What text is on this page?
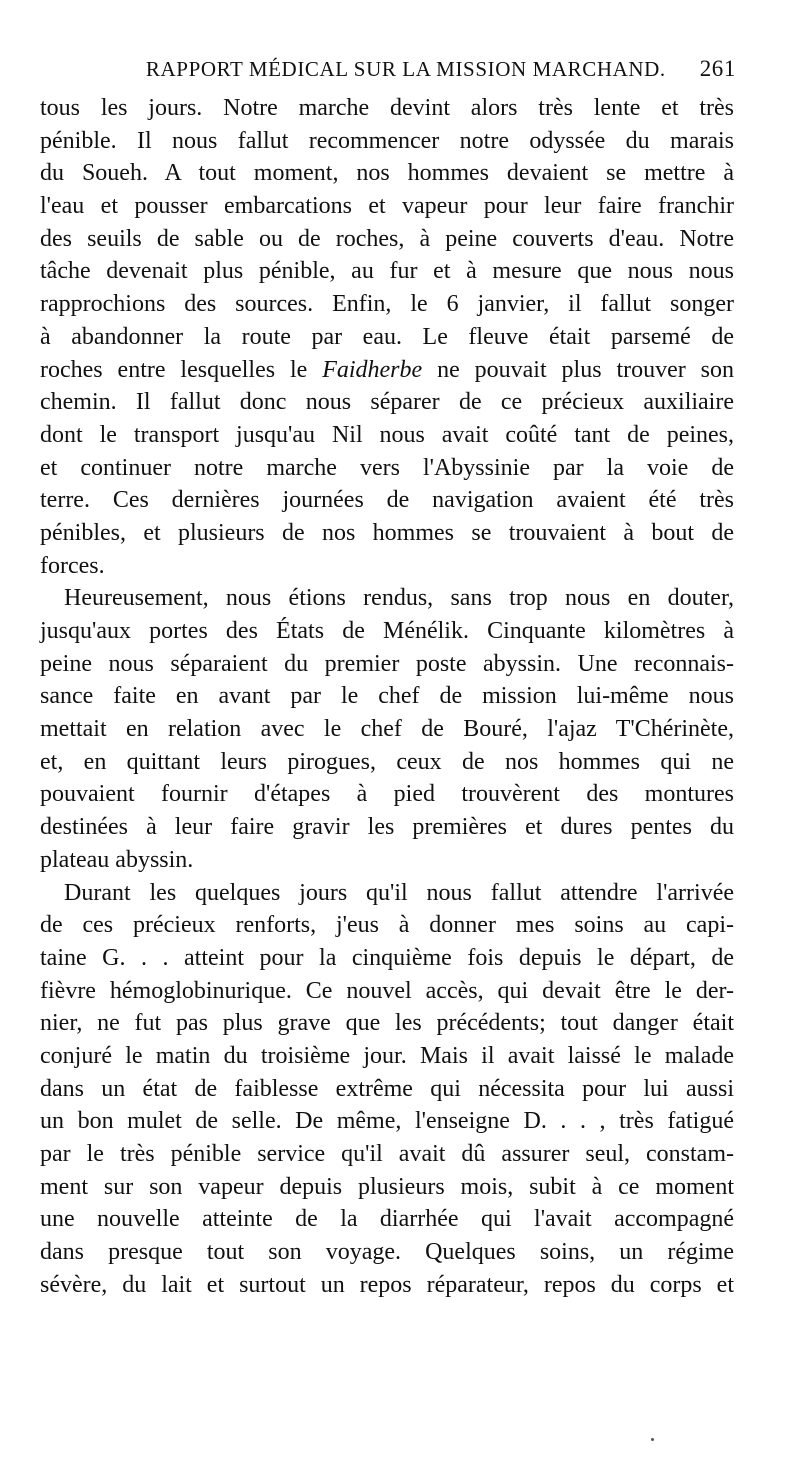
RAPPORT MÉDICAL SUR LA MISSION MARCHAND.	261
tous les jours. Notre marche devint alors très lente et très
pénible. Il nous fallut recommencer notre odyssée du marais
du Soueh. A tout moment, nos hommes devaient se mettre à
l'eau et pousser embarcations et vapeur pour leur faire franchir
des seuils de sable ou de roches, à peine couverts d'eau. Notre
tâche devenait plus pénible, au fur et à mesure que nous nous
rapprochions des sources. Enfin, le 6 janvier, il fallut songer
à abandonner la route par eau. Le fleuve était parsemé de
roches entre lesquelles le Faidherbe ne pouvait plus trouver son
chemin. Il fallut donc nous séparer de ce précieux auxiliaire
dont le transport jusqu'au Nil nous avait coûté tant de peines,
et continuer notre marche vers l'Abyssinie par la voie de
terre. Ces dernières journées de navigation avaient été très
pénibles, et plusieurs de nos hommes se trouvaient à bout de
forces.
Heureusement, nous étions rendus, sans trop nous en douter,
jusqu'aux portes des États de Ménélik. Cinquante kilomètres à
peine nous séparaient du premier poste abyssin. Une reconnais-
sance faite en avant par le chef de mission lui-même nous
mettait en relation avec le chef de Bouré, l'ajaz T'Chérinète,
et, en quittant leurs pirogues, ceux de nos hommes qui ne
pouvaient fournir d'étapes à pied trouvèrent des montures
destinées à leur faire gravir les premières et dures pentes du
plateau abyssin.
Durant les quelques jours qu'il nous fallut attendre l'arrivée
de ces précieux renforts, j'eus à donner mes soins au capi-
taine G. . . atteint pour la cinquième fois depuis le départ, de
fièvre hémoglobinurique. Ce nouvel accès, qui devait être le der-
nier, ne fut pas plus grave que les précédents; tout danger était
conjuré le matin du troisième jour. Mais il avait laissé le malade
dans un état de faiblesse extrême qui nécessita pour lui aussi
un bon mulet de selle. De même, l'enseigne D. . . , très fatigué
par le très pénible service qu'il avait dû assurer seul, constam-
ment sur son vapeur depuis plusieurs mois, subit à ce moment
une nouvelle atteinte de la diarrhée qui l'avait accompagné
dans presque tout son voyage. Quelques soins, un régime
sévère, du lait et surtout un repos réparateur, repos du corps et
